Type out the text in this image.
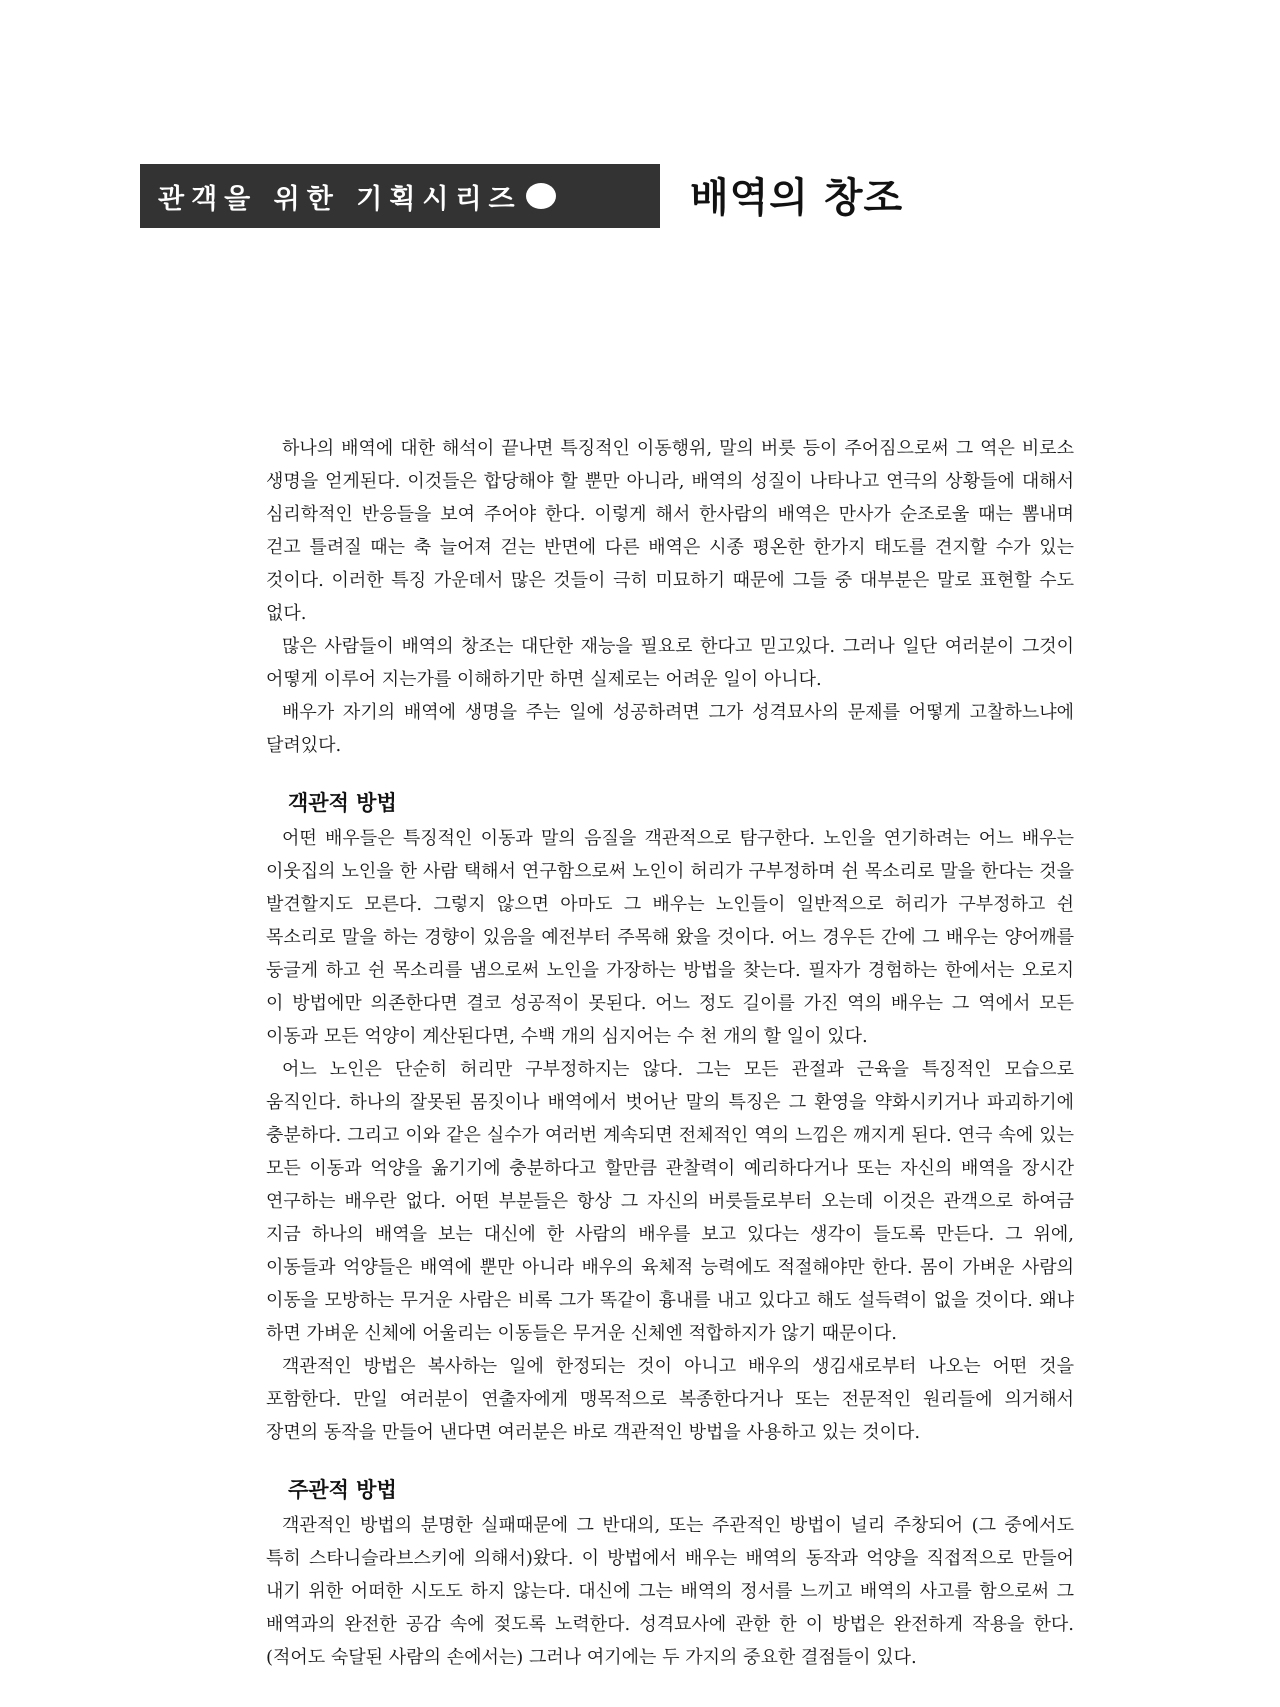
관객을 위한 기획시리즈	배역의 창조

하나의 배역에 대한 해석이 끝나면 특징적인 이동행위, 말의 버릇 등이 주어짐으로써 그 역은 비로소 생명을 얻게된다. 이것들은 합당해야 할 뿐만 아니라, 배역의 성질이 나타나고 연극의 상황들에 대해서 심리학적인 반응들을 보여 주어야 한다. 이렇게 해서 한사람의 배역은 만사가 순조로울 때는 뽐내며 걷고 틀려질 때는 축 늘어져 걷는 반면에 다른 배역은 시종 평온한 한가지 태도를 견지할 수가 있는 것이다. 이러한 특징 가운데서 많은 것들이 극히 미묘하기 때문에 그들 중 대부분은 말로 표현할 수도 없다.

많은 사람들이 배역의 창조는 대단한 재능을 필요로 한다고 믿고있다. 그러나 일단 여러분이 그것이 어떻게 이루어 지는가를 이해하기만 하면 실제로는 어려운 일이 아니다.

배우가 자기의 배역에 생명을 주는 일에 성공하려면 그가 성격묘사의 문제를 어떻게 고찰하느냐에 달려있다.

객관적 방법

어떤 배우들은 특징적인 이동과 말의 음질을 객관적으로 탐구한다. 노인을 연기하려는 어느 배우는 이웃집의 노인을 한 사람 택해서 연구함으로써 노인이 허리가 구부정하며 쉰 목소리로 말을 한다는 것을 발견할지도 모른다. 그렇지 않으면 아마도 그 배우는 노인들이 일반적으로 허리가 구부정하고 쉰 목소리로 말을 하는 경향이 있음을 예전부터 주목해 왔을 것이다. 어느 경우든 간에 그 배우는 양어깨를 둥글게 하고 쉰 목소리를 냄으로써 노인을 가장하는 방법을 찾는다. 필자가 경험하는 한에서는 오로지 이 방법에만 의존한다면 결코 성공적이 못된다. 어느 정도 길이를 가진 역의 배우는 그 역에서 모든 이동과 모든 억양이 계산된다면, 수백 개의 심지어는 수 천 개의 할 일이 있다.

어느 노인은 단순히 허리만 구부정하지는 않다. 그는 모든 관절과 근육을 특징적인 모습으로 움직인다. 하나의 잘못된 몸짓이나 배역에서 벗어난 말의 특징은 그 환영을 약화시키거나 파괴하기에 충분하다. 그리고 이와 같은 실수가 여러번 계속되면 전체적인 역의 느낌은 깨지게 된다. 연극 속에 있는 모든 이동과 억양을 옮기기에 충분하다고 할만큼 관찰력이 예리하다거나 또는 자신의 배역을 장시간 연구하는 배우란 없다. 어떤 부분들은 항상 그 자신의 버릇들로부터 오는데 이것은 관객으로 하여금 지금 하나의 배역을 보는 대신에 한 사람의 배우를 보고 있다는 생각이 들도록 만든다. 그 위에, 이동들과 억양들은 배역에 뿐만 아니라 배우의 육체적 능력에도 적절해야만 한다. 몸이 가벼운 사람의 이동을 모방하는 무거운 사람은 비록 그가 똑같이 흉내를 내고 있다고 해도 설득력이 없을 것이다. 왜냐 하면 가벼운 신체에 어울리는 이동들은 무거운 신체엔 적합하지가 않기 때문이다.

객관적인 방법은 복사하는 일에 한정되는 것이 아니고 배우의 생김새로부터 나오는 어떤 것을 포함한다. 만일 여러분이 연출자에게 맹목적으로 복종한다거나 또는 전문적인 원리들에 의거해서 장면의 동작을 만들어 낸다면 여러분은 바로 객관적인 방법을 사용하고 있는 것이다.

주관적 방법

객관적인 방법의 분명한 실패때문에 그 반대의, 또는 주관적인 방법이 널리 주창되어 (그 중에서도 특히 스타니슬라브스키에 의해서)왔다. 이 방법에서 배우는 배역의 동작과 억양을 직접적으로 만들어 내기 위한 어떠한 시도도 하지 않는다. 대신에 그는 배역의 정서를 느끼고 배역의 사고를 함으로써 그 배역과의 완전한 공감 속에 젖도록 노력한다. 성격묘사에 관한 한 이 방법은 완전하게 작용을 한다. (적어도 숙달된 사람의 손에서는) 그러나 여기에는 두 가지의 중요한 결점들이 있다.
